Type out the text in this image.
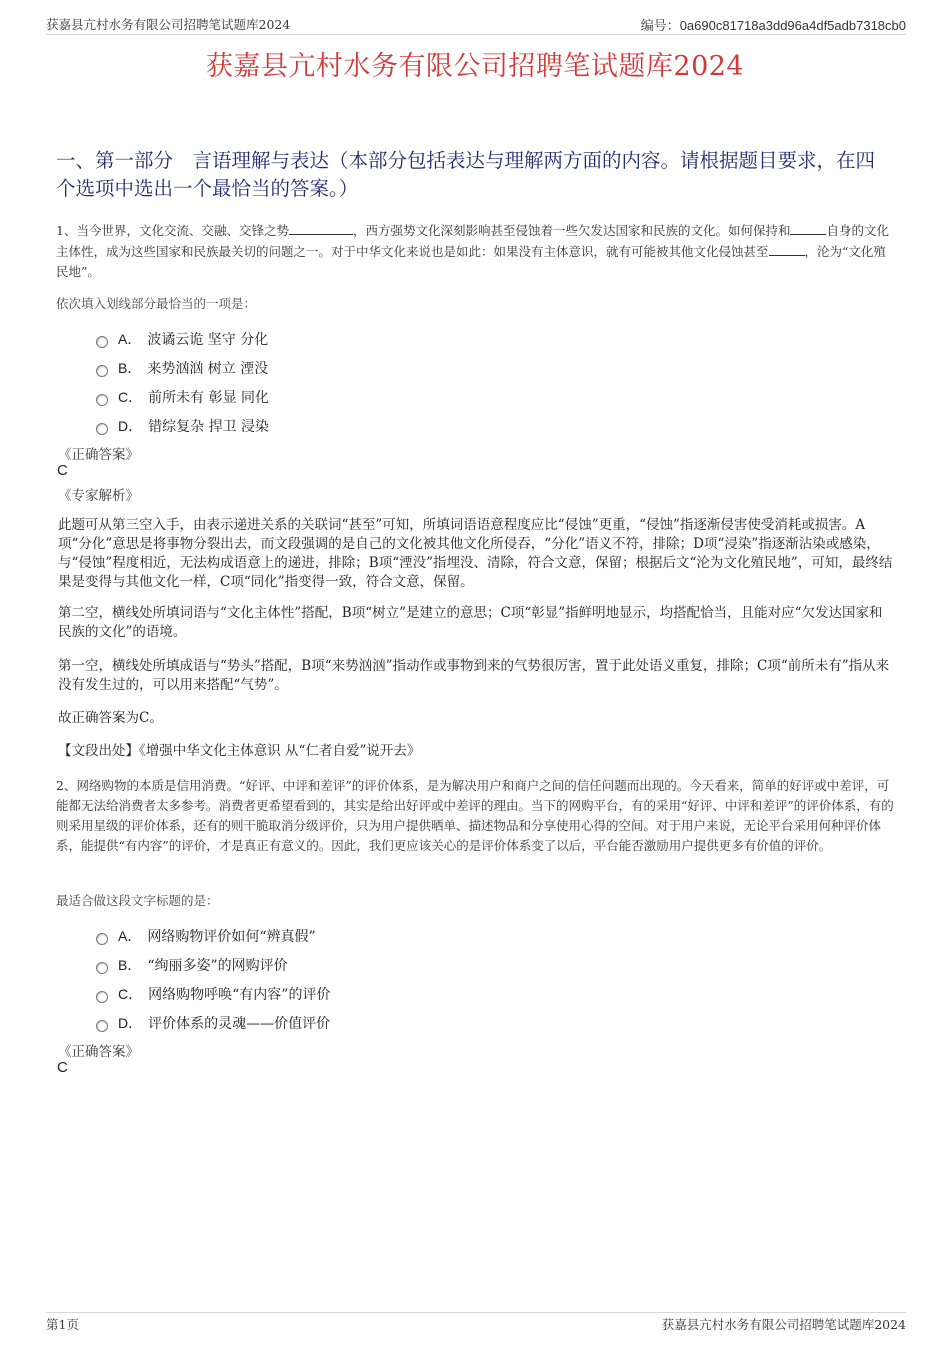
获嘉县亢村水务有限公司招聘笔试题库2024	编号：0a690c81718a3dd96a4df5adb7318cb0
获嘉县亢村水务有限公司招聘笔试题库2024
一、第一部分　言语理解与表达（本部分包括表达与理解两方面的内容。请根据题目要求，在四个选项中选出一个最恰当的答案。）
1、当今世界，文化交流、交融、交锋之势	，西方强势文化深刻影响甚至侵蚀着一些欠发达国家和民族的文化。如何保持和	自身的文化主体性，成为这些国家和民族最关切的问题之一。对于中华文化来说也是如此：如果没有主体意识，就有可能被其他文化侵蚀甚至	，沦为“文化殖民地”。
依次填入划线部分最恰当的一项是：
A． 波谲云诡 坚守 分化
B． 来势汹汹 树立 湮没
C． 前所未有 彰显 同化
D． 错综复杂 捍卫 浸染
《正确答案》
C
《专家解析》
此题可从第三空入手，由表示递进关系的关联词“甚至”可知，所填词语语意程度应比“侵蚀”更重，“侵蚀”指逐渐侵害使受消耗或损害。A项“分化”意思是将事物分裂出去，而文段强调的是自己的文化被其他文化所侵吞，“分化”语义不符，排除；D项“浸染”指逐渐沾染或感染，与“侵蚀”程度相近，无法构成语意上的递进，排除；B项“湮没”指埋没、清除，符合文意，保留；根据后文“沦为文化殖民地”，可知，最终结果是变得与其他文化一样，C项“同化”指变得一致，符合文意，保留。
第二空，横线处所填词语与“文化主体性”搭配，B项“树立”是建立的意思；C项“彰显”指鲜明地显示，均搭配恰当，且能对应“欠发达国家和民族的文化”的语境。
第一空，横线处所填成语与“势头”搭配，B项“来势汹汹”指动作或事物到来的气势很厉害，置于此处语义重复，排除；C项“前所未有”指从来没有发生过的，可以用来搭配“气势”。
故正确答案为C。
【文段出处】《增强中华文化主体意识 从“仁者自爱”说开去》
2、网络购物的本质是信用消费。“好评、中评和差评”的评价体系，是为解决用户和商户之间的信任问题而出现的。今天看来，简单的好评或中差评，可能都无法给消费者太多参考。消费者更希望看到的，其实是给出好评或中差评的理由。当下的网购平台，有的采用“好评、中评和差评”的评价体系，有的则采用星级的评价体系，还有的则干脆取消分级评价，只为用户提供晒单、描述物品和分享使用心得的空间。对于用户来说，无论平台采用何种评价体系，能提供“有内容”的评价，才是真正有意义的。因此，我们更应该关心的是评价体系变了以后，平台能否激励用户提供更多有价值的评价。
最适合做这段文字标题的是：
A． 网络购物评价如何“辨真假”
B． “绚丽多姿”的网购评价
C． 网络购物呼唤“有内容”的评价
D． 评价体系的灵魂——价值评价
《正确答案》
C
第1页	获嘉县亢村水务有限公司招聘笔试题库2024
